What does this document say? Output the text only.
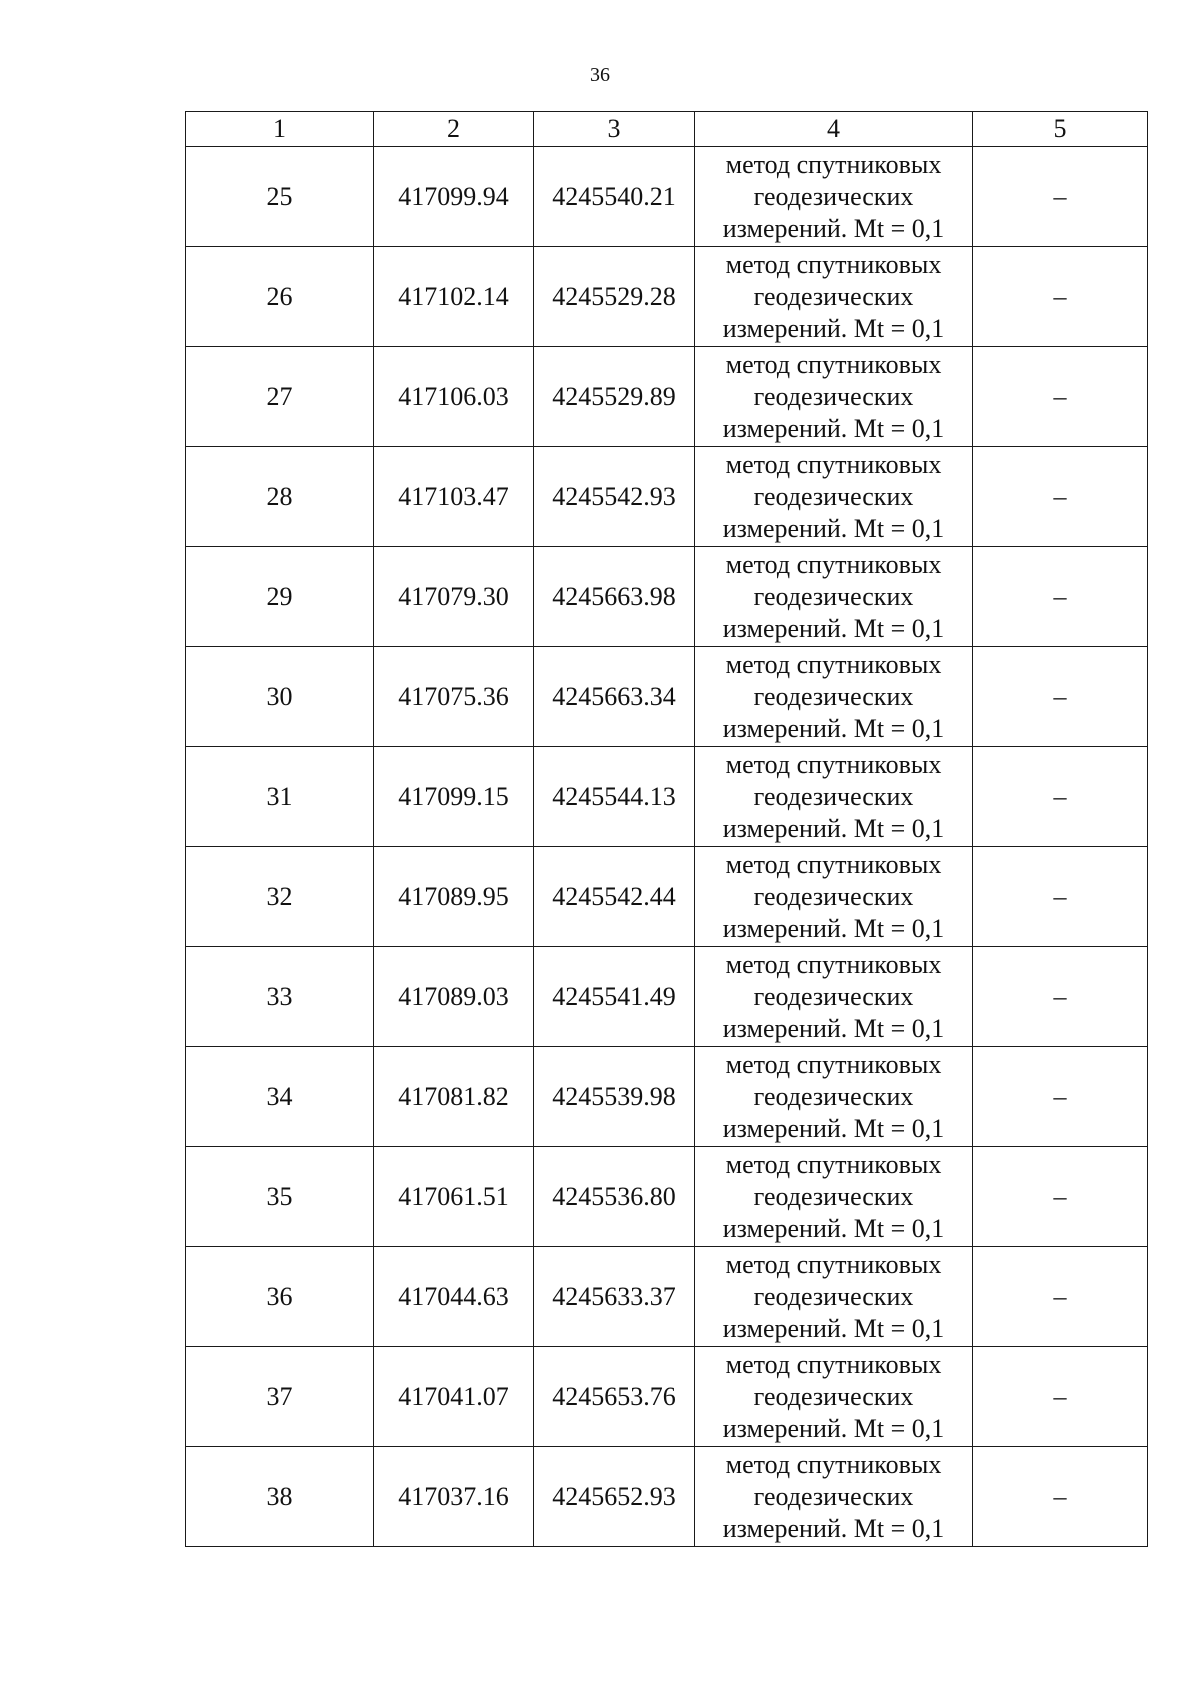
36
1	2	3	4	5
25	417099.94	4245540.21	метод спутниковых геодезических измерений. Mt = 0,1	–
26	417102.14	4245529.28	метод спутниковых геодезических измерений. Mt = 0,1	–
27	417106.03	4245529.89	метод спутниковых геодезических измерений. Mt = 0,1	–
28	417103.47	4245542.93	метод спутниковых геодезических измерений. Mt = 0,1	–
29	417079.30	4245663.98	метод спутниковых геодезических измерений. Mt = 0,1	–
30	417075.36	4245663.34	метод спутниковых геодезических измерений. Mt = 0,1	–
31	417099.15	4245544.13	метод спутниковых геодезических измерений. Mt = 0,1	–
32	417089.95	4245542.44	метод спутниковых геодезических измерений. Mt = 0,1	–
33	417089.03	4245541.49	метод спутниковых геодезических измерений. Mt = 0,1	–
34	417081.82	4245539.98	метод спутниковых геодезических измерений. Mt = 0,1	–
35	417061.51	4245536.80	метод спутниковых геодезических измерений. Mt = 0,1	–
36	417044.63	4245633.37	метод спутниковых геодезических измерений. Mt = 0,1	–
37	417041.07	4245653.76	метод спутниковых геодезических измерений. Mt = 0,1	–
38	417037.16	4245652.93	метод спутниковых геодезических измерений. Mt = 0,1	–
